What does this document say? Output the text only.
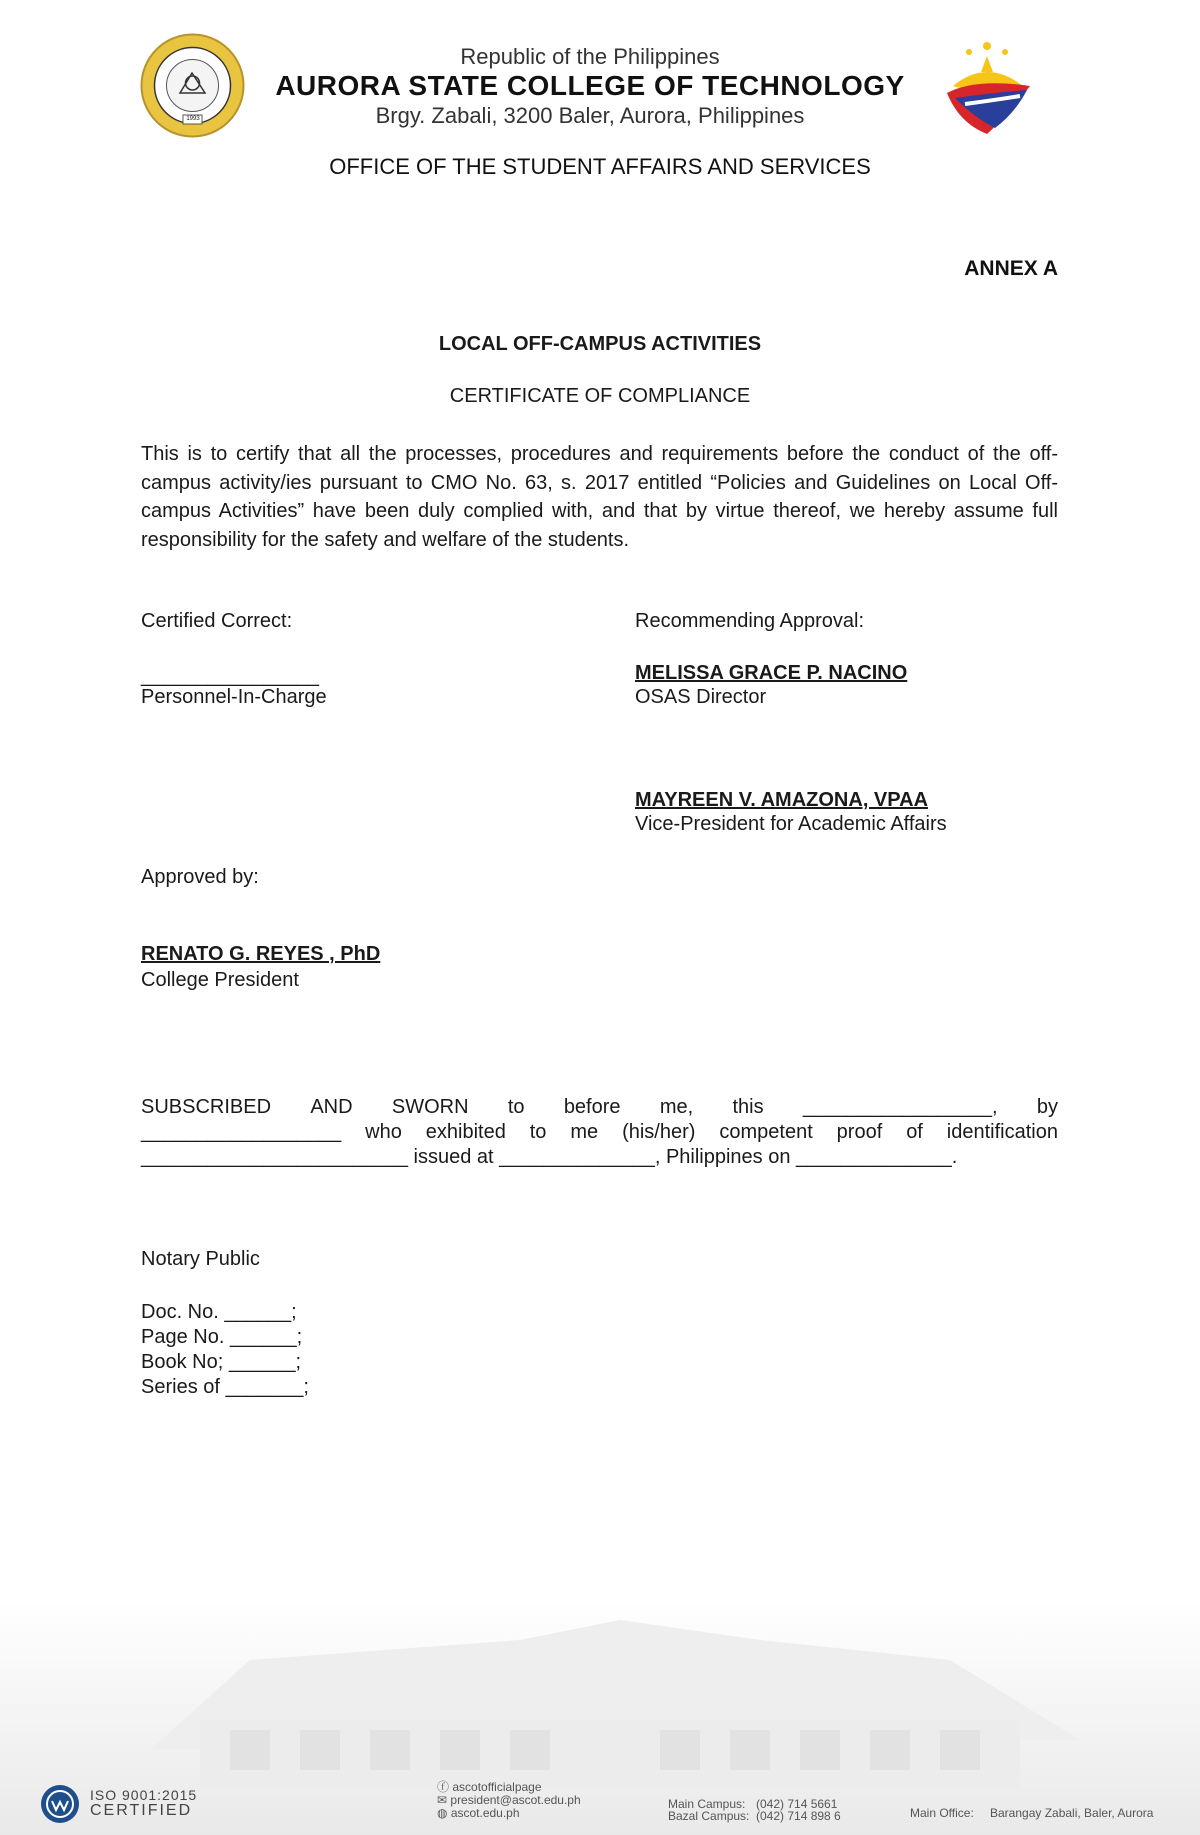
1993
Republic of the Philippines
AURORA STATE COLLEGE OF TECHNOLOGY
Brgy. Zabali, 3200 Baler, Aurora, Philippines
OFFICE OF THE STUDENT AFFAIRS AND SERVICES
ANNEX A
LOCAL OFF-CAMPUS ACTIVITIES
CERTIFICATE OF COMPLIANCE
This is to certify that all the processes, procedures and requirements before the conduct of the off-campus activity/ies pursuant to CMO No. 63, s. 2017 entitled “Policies and Guidelines on Local Off-campus Activities” have been duly complied with, and that by virtue thereof, we hereby assume full responsibility for the safety and welfare of the students.
Certified Correct:	Recommending Approval:
________________
Personnel-In-Charge
MELISSA GRACE P. NACINO
OSAS Director
MAYREEN V. AMAZONA, VPAA
Vice-President for Academic Affairs
Approved by:
RENATO G. REYES , PhD
College President
SUBSCRIBED AND SWORN to before me, this _________________, by
__________________ who exhibited to me (his/her) competent proof of identification
________________________ issued at ______________, Philippines on ______________.
Notary Public
Doc. No. ______;
Page No. ______;
Book No; ______;
Series of _______;
ISO 9001:2015
CERTIFIED
ⓕ ascotofficialpage
✉ president@ascot.edu.ph
◍ ascot.edu.ph
Main Campus: (042) 714 5661
Bazal Campus: (042) 714 898 6	Main Office: Barangay Zabali, Baler, Aurora
